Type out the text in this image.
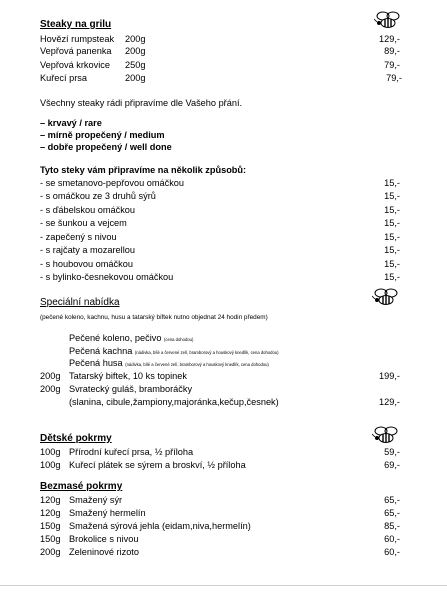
Steaky na grilu
Hovězí rumpsteak 200g	129,-
Vepřová panenka 200g	89,-
Vepřová krkovice 250g	79,-
Kuřecí prsa	200g	79,-
Všechny steaky rádi připravíme dle Vašeho přání.
– krvavý / rare
– mírně propečený / medium
– dobře propečený / well done
Tyto steky vám připravíme na několik způsobů:
- se smetanovo-pepřovou omáčkou	15,-
- s omáčkou ze 3 druhů sýrů	15,-
- s ďábelskou omáčkou	15,-
- se šunkou a vejcem	15,-
- zapečený s nivou	15,-
- s rajčaty a mozarellou	15,-
- s houbovou omáčkou	15,-
- s bylinko-česnekovou omáčkou	15,-
Speciální nabídka
(pečené koleno, kachnu, husu a tatarský biftek nutno objednat 24 hodin předem)
Pečené koleno, pečivo (cena dohodou)
Pečená kachna (nádivka, bílé a červené zelí, bramborový a houskový knedlík, cena dohodou)
Pečená husa (nádivka, bílé a červené zelí, bramborový a houskový knedlík, cena dohodou)
200g Tatarský biftek, 10 ks topinek	199,-
200g Svratecký guláš, bramboráčky
(slanina, cibule,žampiony,majoránka,kečup,česnek)	129,-
Dětské pokrmy
100g Přírodní kuřecí prsa, ½ příloha	59,-
100g Kuřecí plátek se sýrem a broskví, ½ příloha	69,-
Bezmasé pokrmy
120g Smažený sýr	65,-
120g Smažený hermelín	65,-
150g Smažená sýrová jehla (eidam,niva,hermelín)	85,-
150g Brokolice s nivou	60,-
200g Zeleninové rizoto	60,-
